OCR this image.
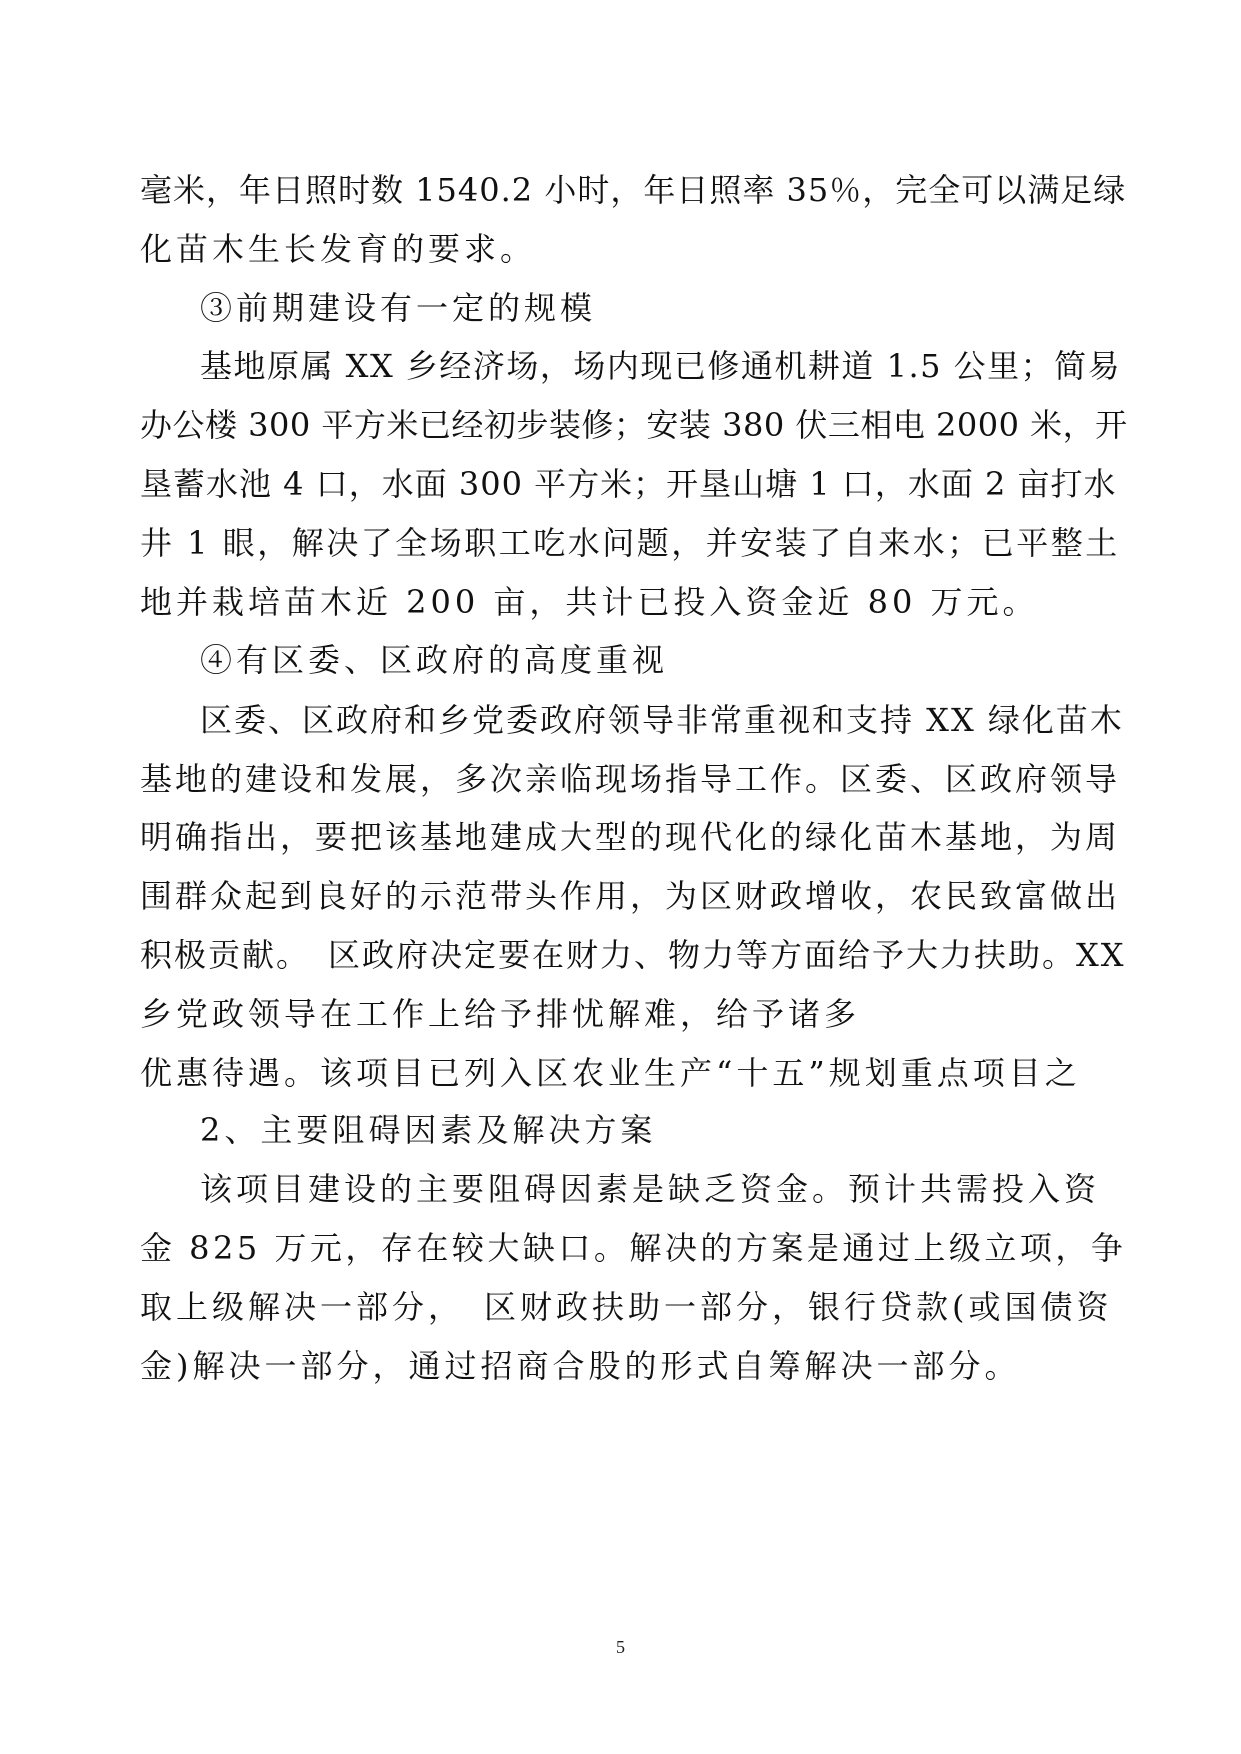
毫米，年日照时数 1540.2 小时，年日照率 35％，完全可以满足绿
化苗木生长发育的要求。
③前期建设有一定的规模
基地原属 XX 乡经济场，场内现已修通机耕道 1.5 公里；简易
办公楼 300 平方米已经初步装修；安装 380 伏三相电 2000 米，开
垦蓄水池 4 口，水面 300 平方米；开垦山塘 1 口，水面 2 亩打水
井 1 眼，解决了全场职工吃水问题，并安装了自来水；已平整土
地并栽培苗木近 200 亩，共计已投入资金近 80 万元。
④有区委、区政府的高度重视
区委、区政府和乡党委政府领导非常重视和支持 XX 绿化苗木
基地的建设和发展，多次亲临现场指导工作。区委、区政府领导
明确指出，要把该基地建成大型的现代化的绿化苗木基地，为周
围群众起到良好的示范带头作用，为区财政增收，农民致富做出
积极贡献。　区政府决定要在财力、物力等方面给予大力扶助。XX
乡党政领导在工作上给予排忧解难，给予诸多
优惠待遇。该项目已列入区农业生产“十五”规划重点项目之
2、主要阻碍因素及解决方案
该项目建设的主要阻碍因素是缺乏资金。预计共需投入资
金 825 万元，存在较大缺口。解决的方案是通过上级立项，争
取上级解决一部分，　区财政扶助一部分，银行贷款(或国债资
金)解决一部分，通过招商合股的形式自筹解决一部分。
5
